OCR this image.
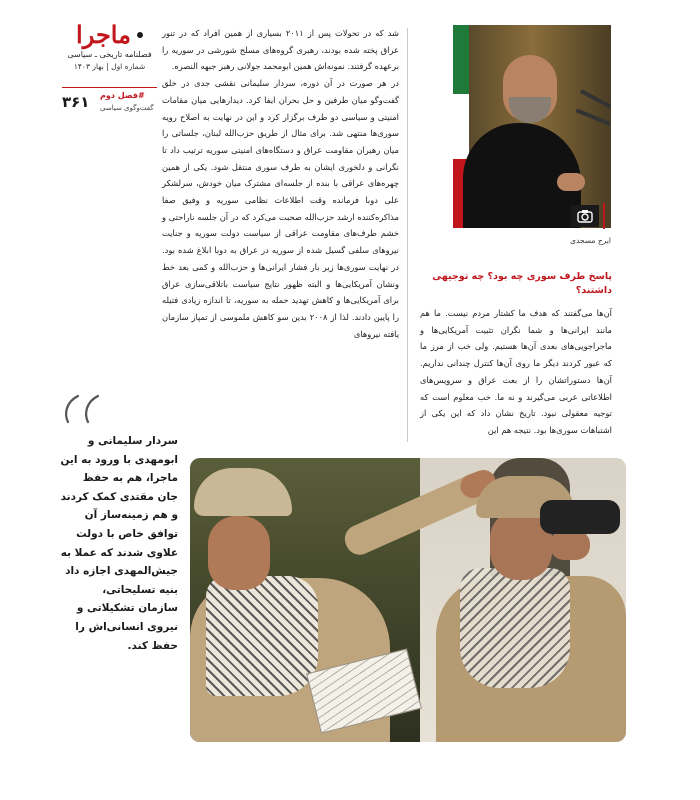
ماجرا
فصلنامه تاریخی ـ سیاسی
شماره اول | بهار ۱۴۰۳
۳۶۱	#فصل دوم
گفت‌وگوی سیاسی

شد که در تحولات پس از ۲۰۱۱ بسیاری از همین افراد که در تنور عراق پخته شده بودند، رهبری گروه‌های مسلح شورشی در سوریه را برعهده گرفتند. نمونه‌اش همین ابومحمد جولانی رهبر جبهه النصره.

در هر صورت در آن دوره، سردار سلیمانی نقشی جدی در خلق گفت‌وگو میان طرفین و حل بحران ایفا کرد. دیدارهایی میان مقامات امنیتی و سیاسی دو طرف برگزار کرد و این در نهایت به اصلاح رویه سوری‌ها منتهی شد. برای مثال از طریق حزب‌الله لبنان، جلساتی را میان رهبران مقاومت عراق و دستگاه‌های امنیتی سوریه ترتیب داد تا نگرانی و دلخوری ایشان به طرف سوری منتقل شود. یکی از همین چهره‌های عراقی با بنده از جلسه‌ای مشترک میان خودش، سرلشکر علی دوبا فرمانده وقت اطلاعات نظامی سوریه و وفیق صفا مذاکره‌کننده ارشد حزب‌الله صحبت می‌کرد که در آن جلسه ناراحتی و خشم طرف‌های مقاومت عراقی از سیاست دولت سوریه و جنایت نیروهای سلفی گسیل شده از سوریه در عراق به دوبا ابلاغ شده بود. در نهایت سوری‌ها زیر بار فشار ایرانی‌ها و حزب‌الله و کمی بعد خط ونشان آمریکایی‌ها و البته ظهور نتایج سیاست باتلاقی‌سازی عراق برای آمریکایی‌ها و کاهش تهدید حمله به سوریه، تا اندازه زیادی فتیله را پایین دادند. لذا از ۲۰۰۸ بدین سو کاهش ملموسی از تمپاز سازمان یافته نیروهای

ایرج مسجدی
پاسخ طرف سوری چه بود؟ چه توجیهی داشتند؟

آن‌ها می‌گفتند که هدف ما کشتار مردم نیست. ما هم مانند ایرانی‌ها و شما نگران تثبیت آمریکایی‌ها و ماجراجویی‌های بعدی آن‌ها هستیم. ولی خب از مرز ما که عبور کردند دیگر ما روی آن‌ها کنترل چندانی نداریم. آن‌ها دستوراتشان را از بعث عراق و سرویس‌های اطلاعاتی عربی می‌گیرند و نه ما. خب معلوم است که توجیه معقولی نبود. تاریخ نشان داد که این یکی از اشتباهات سوری‌ها بود. نتیجه هم این

سردار سلیمانی و ابومهدی با ورود به این ماجرا، هم به حفظ جان مقتدی کمک کردند و هم زمینه‌ساز آن توافق خاص با دولت علاوی شدند که عملا به جیش‌المهدی اجازه داد بنیه تسلیحاتی، سازمان تشکیلاتی و نیروی انسانی‌اش را حفظ کند.
